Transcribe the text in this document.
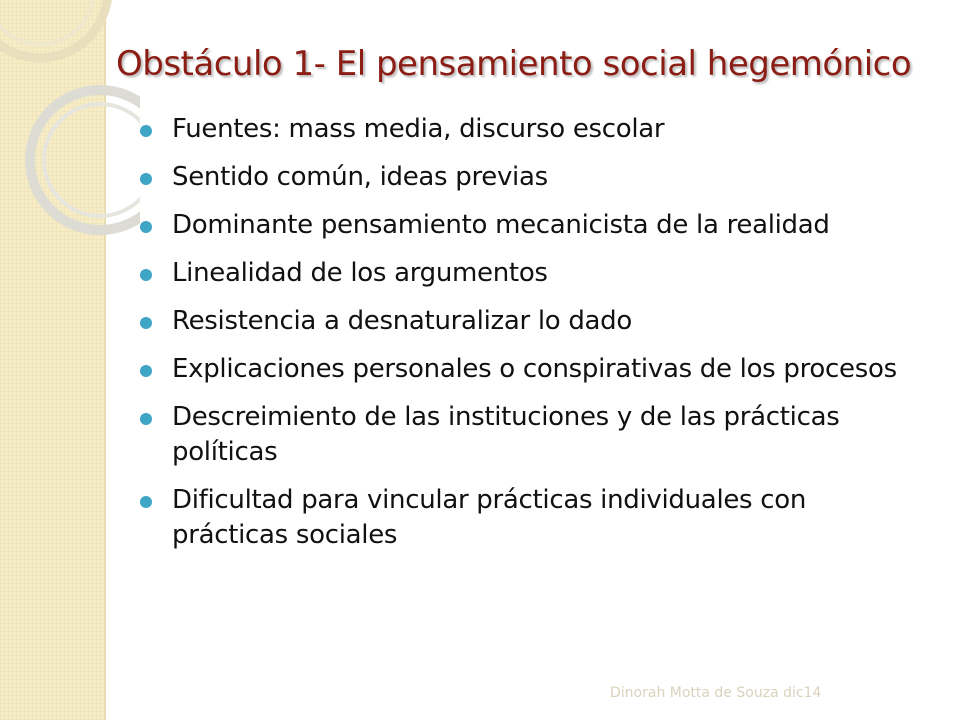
Obstáculo 1- El pensamiento social hegemónico
Fuentes: mass media, discurso escolar
Sentido común, ideas previas
Dominante pensamiento mecanicista de la realidad
Linealidad de los argumentos
Resistencia a desnaturalizar lo dado
Explicaciones personales o conspirativas de los procesos
Descreimiento de las instituciones y de las prácticas políticas
Dificultad para vincular prácticas individuales con prácticas sociales
Dinorah Motta de Souza dic14
